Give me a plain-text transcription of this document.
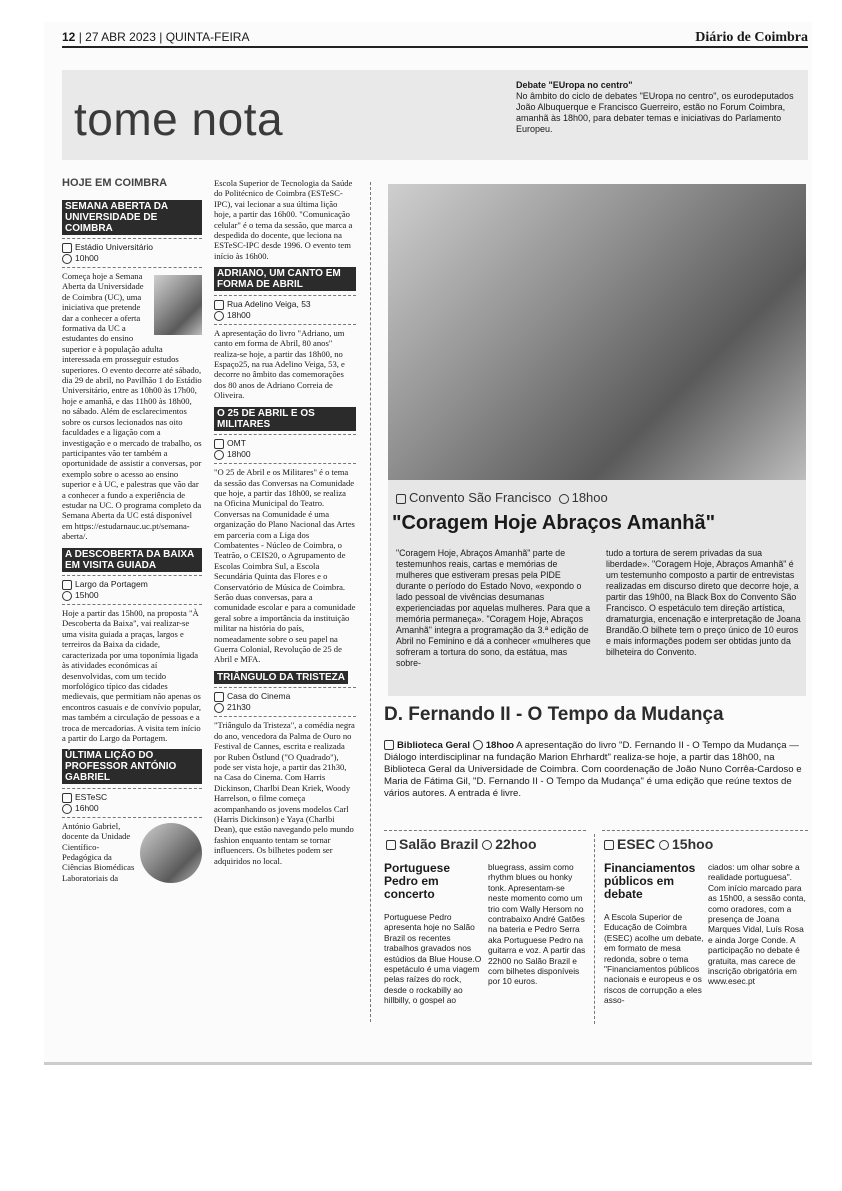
12 | 27 ABR 2023 | QUINTA-FEIRA	Diário de Coimbra
tome nota
Debate "EUropa no centro"
No âmbito do ciclo de debates "EUropa no centro", os eurodeputados João Albuquerque e Francisco Guerreiro, estão no Forum Coimbra, amanhã às 18h00, para debater temas e iniciativas do Parlamento Europeu.
HOJE EM COIMBRA
SEMANA ABERTA DA UNIVERSIDADE DE COIMBRA
Estádio Universitário
10h00
Começa hoje a Semana Aberta da Universidade de Coimbra (UC), uma iniciativa que pretende dar a conhecer a oferta formativa da UC a estudantes do ensino superior e à população adulta interessada em prosseguir estudos superiores. O evento decorre até sábado, dia 29 de abril, no Pavilhão 1 do Estádio Universitário, entre as 10h00 às 17h00, hoje e amanhã, e das 11h00 às 18h00, no sábado. Além de esclarecimentos sobre os cursos lecionados nas oito faculdades e a ligação com a investigação e o mercado de trabalho, os participantes vão ter também a oportunidade de assistir a conversas, por exemplo sobre o acesso ao ensino superior e à UC, e palestras que vão dar a conhecer a fundo a experiência de estudar na UC. O programa completo da Semana Aberta da UC está disponível em https://estudarnauc.uc.pt/semana-aberta/.
A DESCOBERTA DA BAIXA EM VISITA GUIADA
Largo da Portagem
15h00
Hoje a partir das 15h00, na proposta "À Descoberta da Baixa", vai realizar-se uma visita guiada a praças, largos e terreiros da Baixa da cidade, caracterizada por uma toponímia ligada às atividades económicas aí desenvolvidas, com um tecido morfológico típico das cidades medievais, que permitiam não apenas os encontros casuais e de convívio popular, mas também a circulação de pessoas e a troca de mercadorias. A visita tem início a partir do Largo da Portagem.
ÚLTIMA LIÇÃO DO PROFESSOR ANTÓNIO GABRIEL
ESTeSC
16h00
António Gabriel, docente da Unidade Científico-Pedagógica da Ciências Biomédicas Laboratoriais da
Escola Superior de Tecnologia da Saúde do Politécnico de Coimbra (ESTeSC-IPC), vai lecionar a sua última lição hoje, a partir das 16h00. "Comunicação celular" é o tema da sessão, que marca a despedida do docente, que leciona na ESTeSC-IPC desde 1996. O evento tem início às 16h00.
ADRIANO, UM CANTO EM FORMA DE ABRIL
Rua Adelino Veiga, 53
18h00
A apresentação do livro "Adriano, um canto em forma de Abril, 80 anos" realiza-se hoje, a partir das 18h00, no Espaço25, na rua Adelino Veiga, 53, e decorre no âmbito das comemorações dos 80 anos de Adriano Correia de Oliveira.
O 25 DE ABRIL E OS MILITARES
OMT
18h00
"O 25 de Abril e os Militares" é o tema da sessão das Conversas na Comunidade que hoje, a partir das 18h00, se realiza na Oficina Municipal do Teatro. Conversas na Comunidade é uma organização do Plano Nacional das Artes em parceria com a Liga dos Combatentes - Núcleo de Coimbra, o Teatrão, o CEIS20, o Agrupamento de Escolas Coimbra Sul, a Escola Secundária Quinta das Flores e o Conservatório de Música de Coimbra. Serão duas conversas, para a comunidade escolar e para a comunidade geral sobre a importância da instituição militar na história do país, nomeadamente sobre o seu papel na Guerra Colonial, Revolução de 25 de Abril e MFA.
TRIÂNGULO DA TRISTEZA
Casa do Cinema
21h30
"Triângulo da Tristeza", a comédia negra do ano, vencedora da Palma de Ouro no Festival de Cannes, escrita e realizada por Ruben Östlund ("O Quadrado"), pode ser vista hoje, a partir das 21h30, na Casa do Cinema. Com Harris Dickinson, Charlbi Dean Kriek, Woody Harrelson, o filme começa acompanhando os jovens modelos Carl (Harris Dickinson) e Yaya (Charlbi Dean), que estão navegando pelo mundo fashion enquanto tentam se tornar influencers. Os bilhetes podem ser adquiridos no local.
Convento São Francisco 18hoo
"Coragem Hoje Abraços Amanhã"
"Coragem Hoje, Abraços Amanhã" parte de testemunhos reais, cartas e memórias de mulheres que estiveram presas pela PIDE durante o período do Estado Novo, «expondo o lado pessoal de vivências desumanas experienciadas por aquelas mulheres. Para que a memória permaneça». "Coragem Hoje, Abraços Amanhã" integra a programação da 3.ª edição de Abril no Feminino e dá a conhecer «mulheres que sofreram a tortura do sono, da estátua, mas sobre-
tudo a tortura de serem privadas da sua liberdade». "Coragem Hoje, Abraços Amanhã" é um testemunho composto a partir de entrevistas realizadas em discurso direto que decorre hoje, a partir das 19h00, na Black Box do Convento São Francisco. O espetáculo tem direção artística, dramaturgia, encenação e interpretação de Joana Brandão.O bilhete tem o preço único de 10 euros e mais informações podem ser obtidas junto da bilheteira do Convento.
D. Fernando II - O Tempo da Mudança
Biblioteca Geral 18hoo A apresentação do livro "D. Fernando II - O Tempo da Mudança — Diálogo interdisciplinar na fundação Marion Ehrhardt" realiza-se hoje, a partir das 18h00, na Biblioteca Geral da Universidade de Coimbra. Com coordenação de João Nuno Corrêa-Cardoso e Maria de Fátima Gil, "D. Fernando II - O Tempo da Mudança" é uma edição que reúne textos de vários autores. A entrada é livre.
Salão Brazil 22hoo
Portuguese Pedro em concerto
Portuguese Pedro apresenta hoje no Salão Brazil os recentes trabalhos gravados nos estúdios da Blue House.O espetáculo é uma viagem pelas raízes do rock, desde o rockabilly ao hillbilly, o gospel ao
bluegrass, assim como rhythm blues ou honky tonk. Apresentam-se neste momento como um trio com Wally Hersom no contrabaixo André Gatões na bateria e Pedro Serra aka Portuguese Pedro na guitarra e voz. A partir das 22h00 no Salão Brazil e com bilhetes disponíveis por 10 euros.
ESEC 15hoo
Financiamentos públicos em debate
A Escola Superior de Educação de Coimbra (ESEC) acolhe um debate, em formato de mesa redonda, sobre o tema "Financiamentos públicos nacionais e europeus e os riscos de corrupção a eles asso-
ciados: um olhar sobre a realidade portuguesa". Com início marcado para as 15h00, a sessão conta, como oradores, com a presença de Joana Marques Vidal, Luís Rosa e ainda Jorge Conde. A participação no debate é gratuita, mas carece de inscrição obrigatória em www.esec.pt
